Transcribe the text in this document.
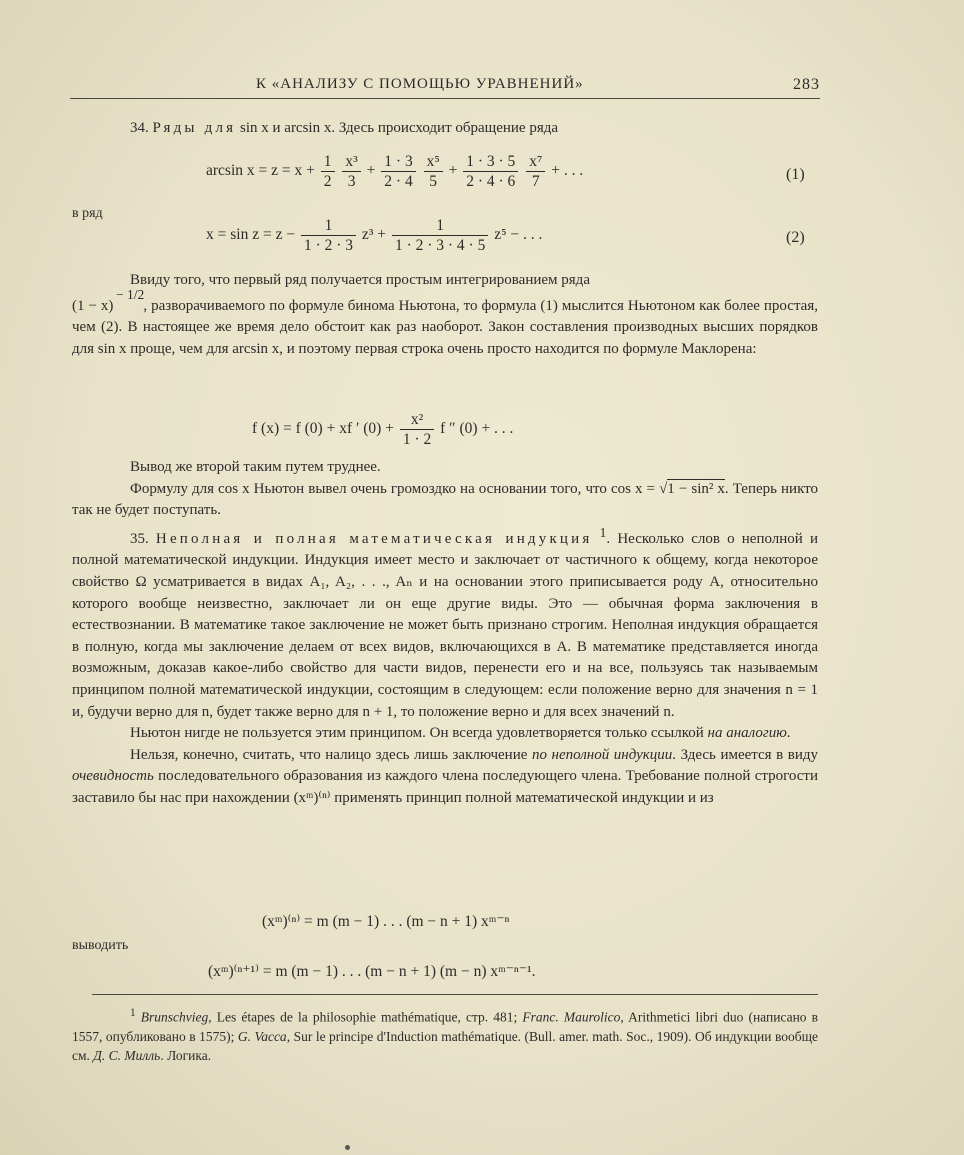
К «АНАЛИЗУ С ПОМОЩЬЮ УРАВНЕНИЙ»	283

34. Ряды для sin x и arcsin x. Здесь происходит обращение ряда

$\arcsin x = z = x + \frac{1}{2}$
$\frac{\text{x³}}{3} + \frac{1 \cdot 3}{2 \cdot 4}$
$\frac{\text{x⁵}}{5} + \frac{1 \cdot 3 \cdot 5}{2 \cdot 4 \cdot 6}$
$\frac{\text{x⁷}}{7}$ + . . .	(1)
в ряд
$x = \sin z = z - \frac{1}{1 \cdot 2 \cdot 3} z^3 + \frac{1}{1 \cdot 2 \cdot 3 \cdot 4 \cdot 5} z^5$ − . . .	(2)

Ввиду того, что первый ряд получается простым интегрированием ряда

(1 − x)
− 1/2
, разворачиваемого по формуле бинома Ньютона, то формула (1) мыслится Ньютоном как более простая, чем (2). В настоящее же время дело обстоит как раз наоборот. Закон составления производных высших порядков для sin x проще, чем для arcsin x, и поэтому первая строка очень просто находится по формуле Маклорена:

f (x) = f (0) + xf ′ $(0) + \frac{\text{x²}}{1 \cdot 2}$ f ″ (0) + . . .

Вывод же второй таким путем труднее.

Формулу для cos x Ньютон вывел очень громоздко на основании того, что cos x = √1 − sin² x. Теперь никто так не будет поступать.

35. Неполная и полная математическая индукция $^1$. Несколько слов о неполной и полной математической индукции. Индукция имеет место и заключает от частичного к общему, когда некоторое свойство Ω усматривается в видах A₁, A₂, . . ., Aₙ и на основании этого приписывается роду A, относительно которого вообще неизвестно, заключает ли он еще другие виды. Это — обычная форма заключения в естествознании. В математике такое заключение не может быть признано строгим. Неполная индукция обращается в полную, когда мы заключение делаем от всех видов, включающихся в A. В математике представляется иногда возможным, доказав какое-либо свойство для части видов, перенести его и на все, пользуясь так называемым принципом полной математической индукции, состоящим в следующем: если положение верно для значения n = 1 и, будучи верно для n, будет также верно для n + 1, то положение верно и для всех значений n.

Ньютон нигде не пользуется этим принципом. Он всегда удовлетворяется только ссылкой на аналогию.

Нельзя, конечно, считать, что налицо здесь лишь заключение по неполной индукции. Здесь имеется в виду очевидность последовательного образования из каждого члена последующего члена. Требование полной строгости заставило бы нас при нахождении (xᵐ)⁽ⁿ⁾ применять принцип полной математической индукции и из

(xᵐ)⁽ⁿ⁾ = m (m − 1) . . . (m − n + 1) xᵐ⁻ⁿ
выводить
(xᵐ)⁽ⁿ⁺¹⁾ = m (m − 1) . . . (m − n + 1) (m − n) xᵐ⁻ⁿ⁻¹.
$^1$ Brunschvieg, Les étapes de la philosophie mathématique, стр. 481; Franc. Maurolico, Arithmetici libri duo (написано в 1557, опубликовано в 1575); G. Vacca, Sur le principe d'Induction mathématique. (Bull. amer. math. Soc., 1909). Об индукции вообще см. Д. С. Милль. Логика.
